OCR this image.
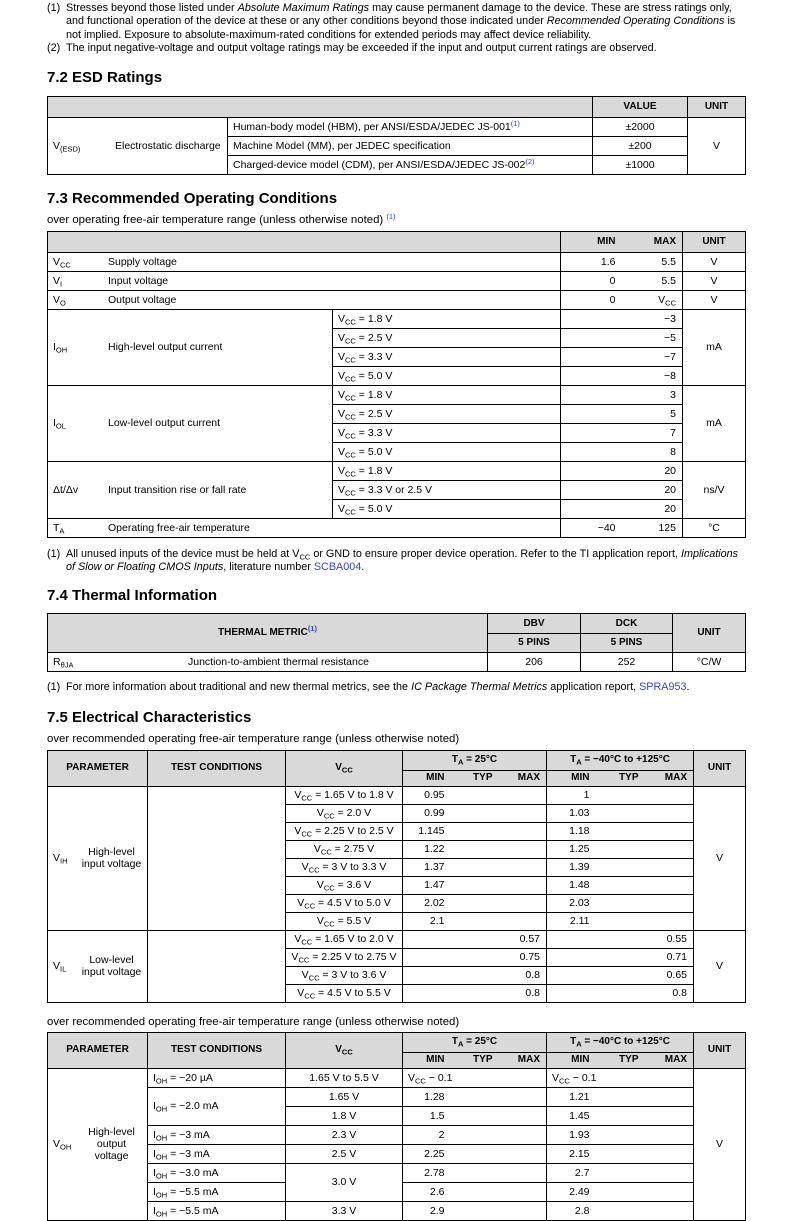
(1) Stresses beyond those listed under Absolute Maximum Ratings may cause permanent damage to the device. These are stress ratings only, and functional operation of the device at these or any other conditions beyond those indicated under Recommended Operating Conditions is not implied. Exposure to absolute-maximum-rated conditions for extended periods may affect device reliability.
(2) The input negative-voltage and output voltage ratings may be exceeded if the input and output current ratings are observed.
7.2 ESD Ratings
		VALUE	UNIT

$V_{(ESD)}$ Electrostatic discharge	Human-body model (HBM), per ANSI/ESDA/JEDEC JS-001$^{(1)}$	±2000	V
	Machine Model (MM), per JEDEC specification	±200	
	Charged-device model (CDM), per ANSI/ESDA/JEDEC JS-002$^{(2)}$	±1000	
7.3 Recommended Operating Conditions
over operating free-air temperature range (unless otherwise noted) $^{(1)}$
		MIN	MAX	UNIT

$V_{CC}$ Supply voltage		1.6	5.5	V

$V_I$ Input voltage		0	5.5	V

$V_O$ Output voltage		0	$V_{CC}$	V

$I_{OH}$ High-level output current	$V_{CC} = 1.8$ V		−3	mA
	$V_{CC} = 2.5$ V		−5	
	$V_{CC} = 3.3$ V		−7	
	$V_{CC} = 5.0$ V		−8	

$I_{OL}$ Low-level output current	$V_{CC} = 1.8$ V		3	mA
	$V_{CC} = 2.5$ V		5	
	$V_{CC} = 3.3$ V		7	
	$V_{CC} = 5.0$ V		8	

Δt/Δv Input transition rise or fall rate	$V_{CC} = 1.8$ V		20	ns/V
	$V_{CC} = 3.3$ V or 2.5 V		20	
	$V_{CC} = 5.0$ V		20	

$T_A$ Operating free-air temperature		−40	125	°C
(1) All unused inputs of the device must be held at $V_{CC}$ or GND to ensure proper device operation. Refer to the TI application report, Implications of Slow or Floating CMOS Inputs, literature number SCBA004.
7.4 Thermal Information
THERMAL METRIC$^{(1)}$	DBV	DCK	UNIT
	5 PINS	5 PINS	

$R_{\theta JA}$ Junction-to-ambient thermal resistance	206	252	°C/W
(1) For more information about traditional and new thermal metrics, see the IC Package Thermal Metrics application report, SPRA953.
7.5 Electrical Characteristics
over recommended operating free-air temperature range (unless otherwise noted)
PARAMETER	TEST CONDITIONS	$V_{CC}$	$T_A = 25^\circ C$			$T_A = -40^\circ C$ to +125°C			UNIT
			MIN	TYP	MAX	MIN	TYP	MAX	

$V_{IH}$
High-level
input voltage		$V_{CC} = 1.65$ V to 1.8 V	0.95			1			V
		$V_{CC} = 2.0$ V	0.99			1.03			
		$V_{CC} = 2.25$ V to 2.5 V	1.145			1.18			
		$V_{CC} = 2.75$ V	1.22			1.25			
		$V_{CC} = 3$ V to 3.3 V	1.37			1.39			
		$V_{CC} = 3.6$ V	1.47			1.48			
		$V_{CC} = 4.5$ V to 5.0 V	2.02			2.03			
		$V_{CC} = 5.5$ V	2.1			2.11			

$V_{IL}$
Low-level
input voltage		$V_{CC} = 1.65$ V to 2.0 V			0.57			0.55	V
		$V_{CC} = 2.25$ V to 2.75 V			0.75			0.71	
		$V_{CC} = 3$ V to 3.6 V			0.8			0.65	
		$V_{CC} = 4.5$ V to 5.5 V			0.8			0.8	
over recommended operating free-air temperature range (unless otherwise noted)
PARAMETER	TEST CONDITIONS	$V_{CC}$	$T_A = 25^\circ C$			$T_A = -40^\circ C$ to +125°C			UNIT
			MIN	TYP	MAX	MIN	TYP	MAX	

$V_{OH}$
High-level
output
voltage	$I_{OH} = -20$ µA	1.65 V to 5.5 V	$V_{CC} - 0.1$			$V_{CC} - 0.1$			V
	$I_{OH} = -2.0$ mA	1.65 V	1.28			1.21			
		1.8 V	1.5			1.45			
	$I_{OH} = -3$ mA	2.3 V	2			1.93			
	$I_{OH} = -3$ mA	2.5 V	2.25			2.15			
	$I_{OH} = -3.0$ mA	3.0 V	2.78			2.7			
	$I_{OH} = -5.5$ mA		2.6			2.49			
	$I_{OH} = -5.5$ mA	3.3 V	2.9			2.8			
